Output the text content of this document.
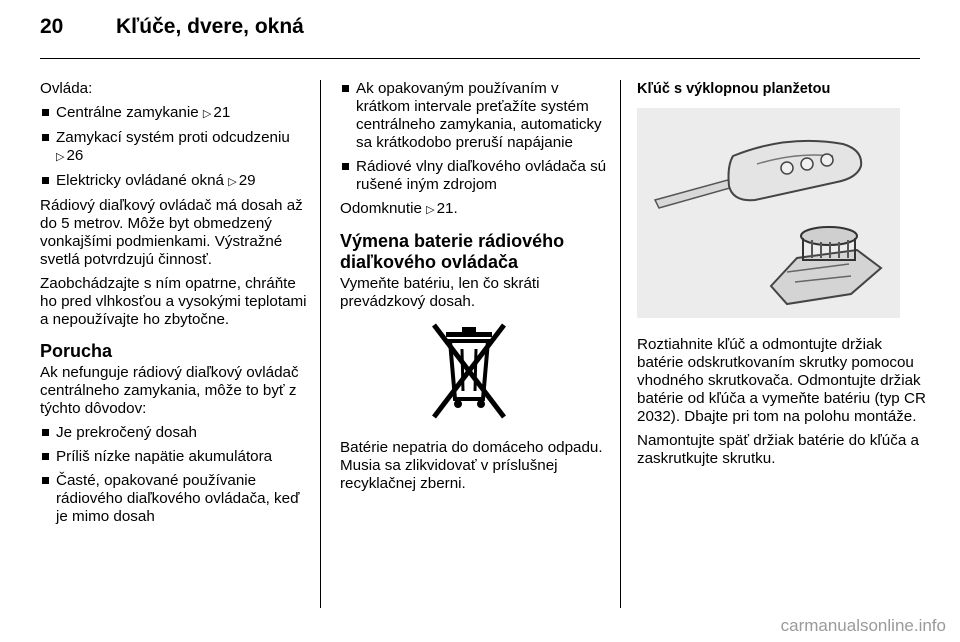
20	Kľúče, dvere, okná

Ovláda:

Centrálne zamykanie ▷ 21
Zamykací systém proti odcudzeniu ▷ 26
Elektricky ovládané okná ▷ 29

Rádiový diaľkový ovládač má dosah až do 5 metrov. Môže byt obmedzený vonkajšími podmienkami. Výstražné svetlá potvrdzujú činnosť.

Zaobchádzajte s ním opatrne, chráňte ho pred vlhkosťou a vysokými teplotami a nepoužívajte ho zbytočne.

Porucha

Ak nefunguje rádiový diaľkový ovládač centrálneho zamykania, môže to byť z týchto dôvodov:

Je prekročený dosah
Príliš nízke napätie akumulátora
Časté, opakované používanie rádiového diaľkového ovládača, keď je mimo dosah
Ak opakovaným používaním v krátkom intervale preťažíte systém centrálneho zamykania, automaticky sa krátkodobo preruší napájanie
Rádiové vlny diaľkového ovládača sú rušené iným zdrojom

Odomknutie ▷ 21.

Výmena baterie rádiového diaľkového ovládača

Vymeňte batériu, len čo skráti prevádzkový dosah.

Batérie nepatria do domáceho odpadu. Musia sa zlikvidovať v príslušnej recyklačnej zberni.

Kľúč s výklopnou planžetou

Roztiahnite kľúč a odmontujte držiak batérie odskrutkovaním skrutky pomocou vhodného skrutkovača. Odmontujte držiak batérie od kľúča a vymeňte batériu (typ CR 2032). Dbajte pri tom na polohu montáže.

Namontujte späť držiak batérie do kľúča a zaskrutkujte skrutku.

carmanualsonline.info
